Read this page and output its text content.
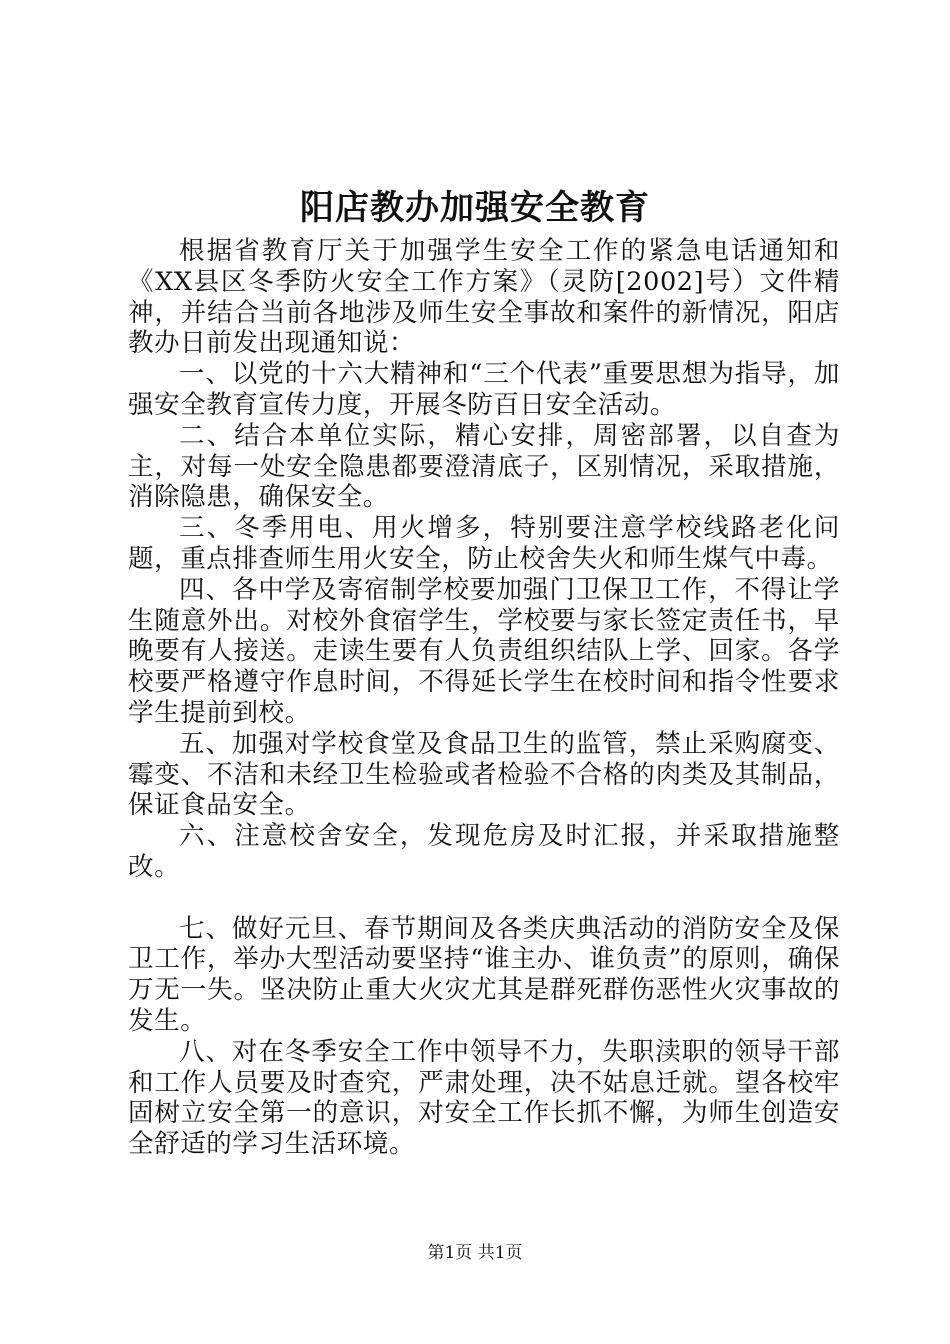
阳店教办加强安全教育

根据省教育厅关于加强学生安全工作的紧急电话通知和《XX县区冬季防火安全工作方案》（灵防[2002]号）文件精神，并结合当前各地涉及师生安全事故和案件的新情况，阳店教办日前发出现通知说：

一、以党的十六大精神和“三个代表”重要思想为指导，加强安全教育宣传力度，开展冬防百日安全活动。

二、结合本单位实际，精心安排，周密部署，以自查为主，对每一处安全隐患都要澄清底子，区别情况，采取措施，消除隐患，确保安全。

三、冬季用电、用火增多，特别要注意学校线路老化问题，重点排查师生用火安全，防止校舍失火和师生煤气中毒。

四、各中学及寄宿制学校要加强门卫保卫工作，不得让学生随意外出。对校外食宿学生，学校要与家长签定责任书，早晚要有人接送。走读生要有人负责组织结队上学、回家。各学校要严格遵守作息时间，不得延长学生在校时间和指令性要求学生提前到校。

五、加强对学校食堂及食品卫生的监管，禁止采购腐变、霉变、不洁和未经卫生检验或者检验不合格的肉类及其制品，保证食品安全。

六、注意校舍安全，发现危房及时汇报，并采取措施整改。

七、做好元旦、春节期间及各类庆典活动的消防安全及保卫工作，举办大型活动要坚持“谁主办、谁负责”的原则，确保万无一失。坚决防止重大火灾尤其是群死群伤恶性火灾事故的发生。

八、对在冬季安全工作中领导不力，失职渎职的领导干部和工作人员要及时查究，严肃处理，决不姑息迁就。望各校牢固树立安全第一的意识，对安全工作长抓不懈，为师生创造安全舒适的学习生活环境。

第1页 共1页
